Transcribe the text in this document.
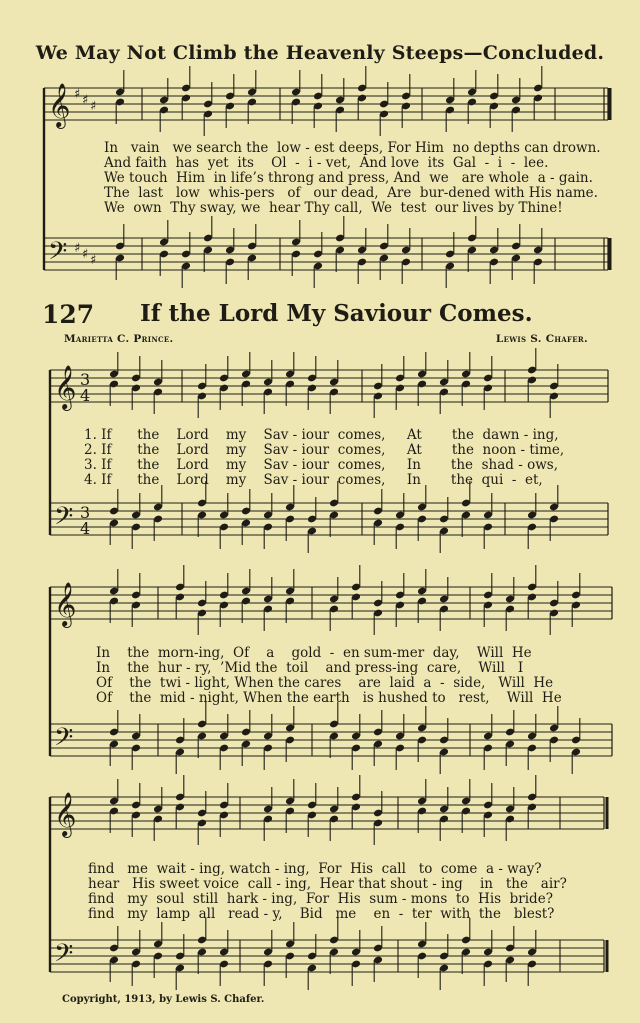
We May Not Climb the Heavenly Steeps—Concluded.
𝄞
𝄢
♯
♯
♯
♯
♯
♯
𝄞
𝄢
3
4
3
4
𝄞
𝄢
𝄞
𝄢
In   vain   we search the  low - est deeps, For Him  no depths can drown.
And faith  has  yet  its    Ol  -  i - vet,  And love  its  Gal  -  i  -  lee.
We touch  Him  in life’s throng and press, And  we   are whole  a - gain.
The  last   low  whis-pers   of   our dead,  Are  bur-dened with His name.
We  own  Thy sway, we  hear Thy call,  We  test  our lives by Thine!
127 If the Lord My Saviour Comes.
Marietta C. Prince.	Lewis S. Chafer.
1. If      the    Lord    my    Sav - iour  comes,     At       the  dawn - ing,
2. If      the    Lord    my    Sav - iour  comes,     At       the  noon - time,
3. If      the    Lord    my    Sav - iour  comes,     In       the  shad - ows,
4. If      the    Lord    my    Sav - iour  comes,     In       the  qui  -  et,
In    the  morn-ing,  Of    a    gold  -  en sum-mer  day,    Will  He
In    the  hur - ry,  ’Mid the  toil    and press-ing  care,    Will   I
Of    the  twi - light, When the cares    are  laid  a  -  side,   Will  He
Of    the  mid - night, When the earth   is hushed to   rest,    Will  He
find   me  wait - ing, watch - ing,  For  His  call   to  come  a - way?
hear   His sweet voice  call - ing,  Hear that shout - ing    in   the   air?
find   my  soul  still  hark - ing,  For  His  sum - mons  to  His  bride?
find   my  lamp  all   read - y,    Bid   me    en  -  ter  with  the   blest?
Copyright, 1913, by Lewis S. Chafer.
